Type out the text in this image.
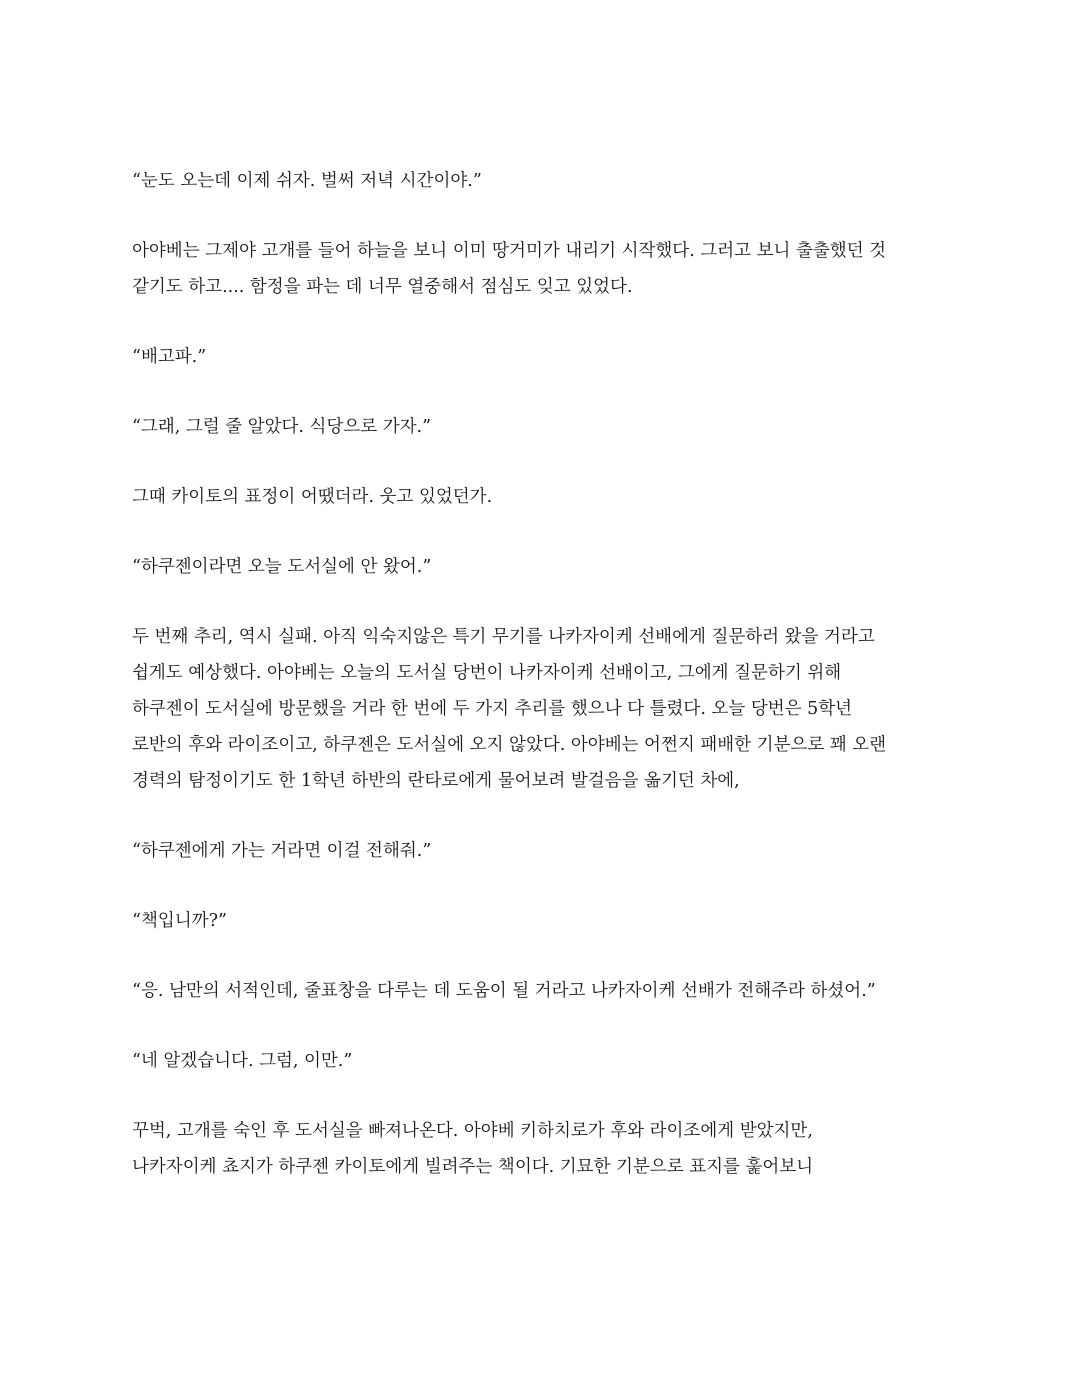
“눈도 오는데 이제 쉬자. 벌써 저녁 시간이야.”

아야베는 그제야 고개를 들어 하늘을 보니 이미 땅거미가 내리기 시작했다. 그러고 보니 출출했던 것
같기도 하고.... 함정을 파는 데 너무 열중해서 점심도 잊고 있었다.

“배고파.”

“그래, 그럴 줄 알았다. 식당으로 가자.”

그때 카이토의 표정이 어땠더라. 웃고 있었던가.

“하쿠젠이라면 오늘 도서실에 안 왔어.”

두 번째 추리, 역시 실패. 아직 익숙지않은 특기 무기를 나카자이케 선배에게 질문하러 왔을 거라고
쉽게도 예상했다. 아야베는 오늘의 도서실 당번이 나카자이케 선배이고, 그에게 질문하기 위해
하쿠젠이 도서실에 방문했을 거라 한 번에 두 가지 추리를 했으나 다 틀렸다. 오늘 당번은 5학년
로반의 후와 라이조이고, 하쿠젠은 도서실에 오지 않았다. 아야베는 어쩐지 패배한 기분으로 꽤 오랜
경력의 탐정이기도 한 1학년 하반의 란타로에게 물어보려 발걸음을 옮기던 차에,

“하쿠젠에게 가는 거라면 이걸 전해줘.”

“책입니까?”

“응. 남만의 서적인데, 줄표창을 다루는 데 도움이 될 거라고 나카자이케 선배가 전해주라 하셨어.”

“네 알겠습니다. 그럼, 이만.”

꾸벅, 고개를 숙인 후 도서실을 빠져나온다. 아야베 키하치로가 후와 라이조에게 받았지만,
나카자이케 쵸지가 하쿠젠 카이토에게 빌려주는 책이다. 기묘한 기분으로 표지를 훑어보니
